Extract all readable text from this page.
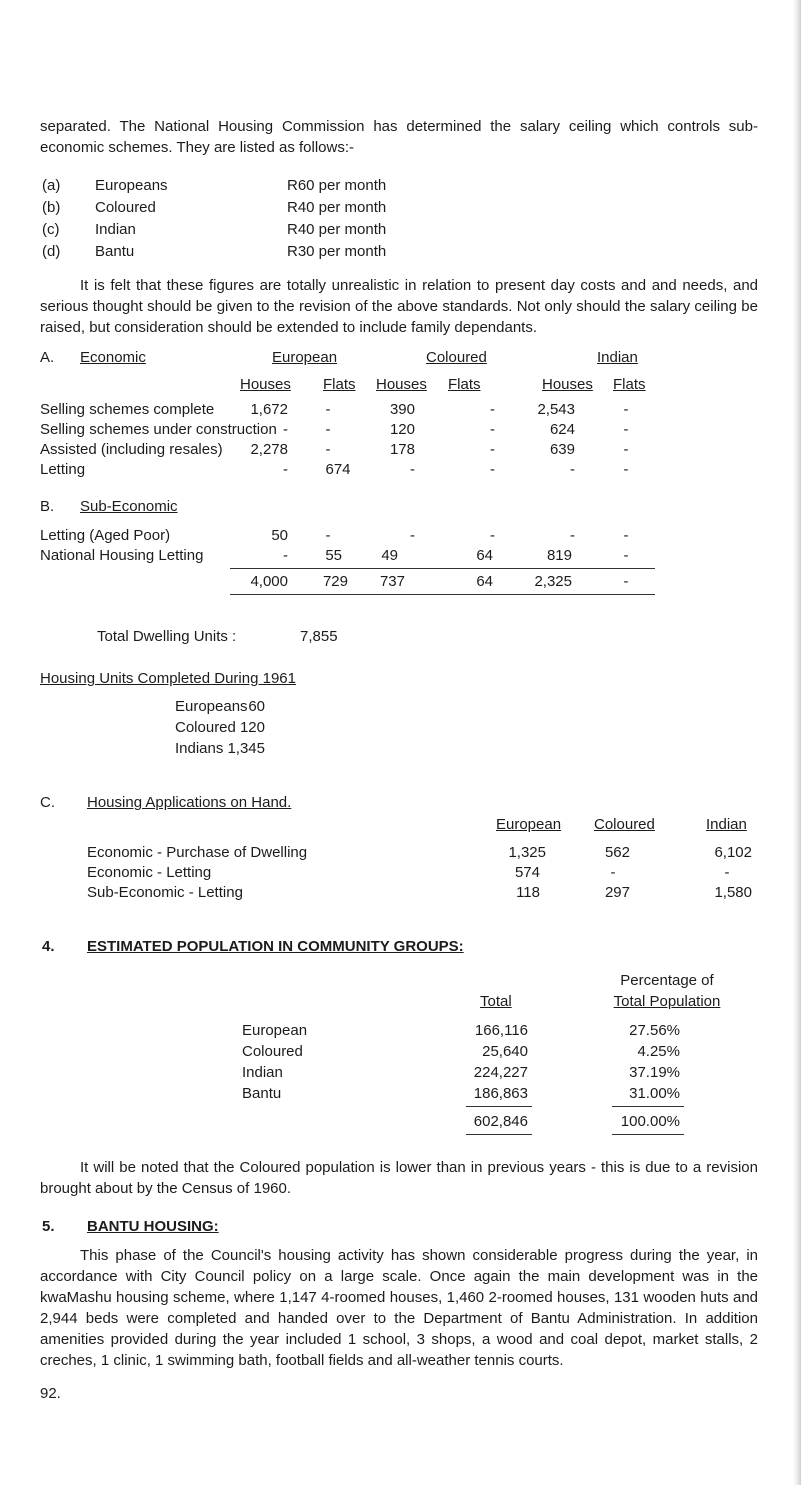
separated. The National Housing Commission has determined the salary ceiling which controls sub-economic schemes. They are listed as follows:-
(a) Europeans	R60 per month
(b) Coloured	R40 per month
(c) Indian	R40 per month
(d) Bantu	R30 per month
It is felt that these figures are totally unrealistic in relation to present day costs and and needs, and serious thought should be given to the revision of the above standards. Not only should the salary ceiling be raised, but consideration should be extended to include family dependants.
A. Economic	European	Coloured	Indian
Houses Flats Houses Flats	Houses Flats
Selling schemes complete	1,672	-	390	-	2,543	-
Selling schemes under construction -	-	120	-	624	-
Assisted (including resales)	2,278	-	178	-	639	-
Letting	-	674	-	-	-	-
B. Sub-Economic
Letting (Aged Poor)	50	-	-	-	-	-
National Housing Letting	-	55	49	64	819	-
4,000	729	737	64	2,325	-
Total Dwelling Units :	7,855
Housing Units Completed During 1961
Europeans 60
Coloured 120
Indians 1,345
C. Housing Applications on Hand.
European Coloured	Indian
Economic - Purchase of Dwelling	1,325	562	6,102
Economic - Letting	574	-	-
Sub-Economic - Letting	118	297	1,580
4. ESTIMATED POPULATION IN COMMUNITY GROUPS:
Percentage of
Total	Total Population
European	166,116	27.56%
Coloured	25,640	4.25%
Indian	224,227	37.19%
Bantu	186,863	31.00%
602,846	100.00%
It will be noted that the Coloured population is lower than in previous years - this is due to a revision brought about by the Census of 1960.
5. BANTU HOUSING:
This phase of the Council's housing activity has shown considerable progress during the year, in accordance with City Council policy on a large scale. Once again the main development was in the kwaMashu housing scheme, where 1,147 4-roomed houses, 1,460 2-roomed houses, 131 wooden huts and 2,944 beds were completed and handed over to the Department of Bantu Administration. In addition amenities provided during the year included 1 school, 3 shops, a wood and coal depot, market stalls, 2 creches, 1 clinic, 1 swimming bath, football fields and all-weather tennis courts.
92.
